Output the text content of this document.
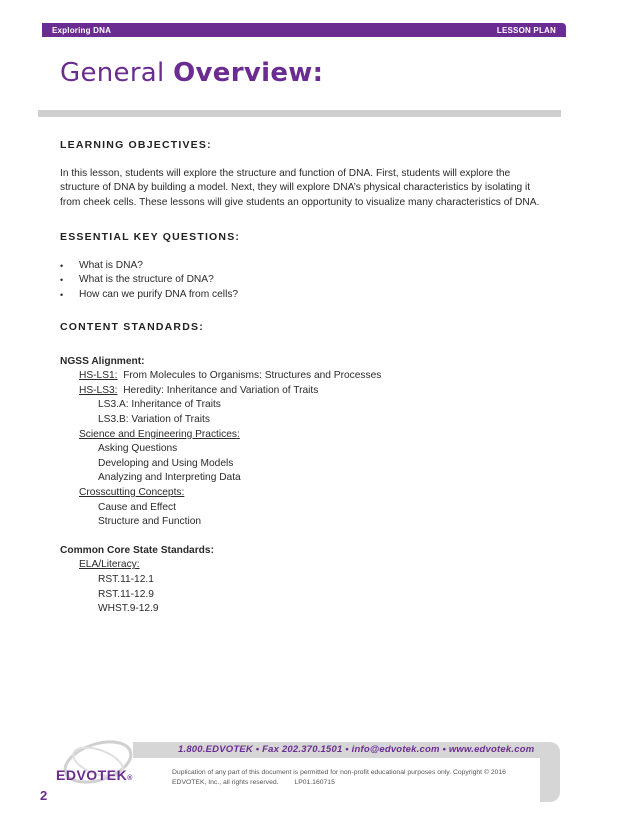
Exploring DNA	LESSON PLAN
General Overview:
LEARNING OBJECTIVES:

In this lesson, students will explore the structure and function of DNA. First, students will explore the structure of DNA by building a model. Next, they will explore DNA’s physical characteristics by isolating it from cheek cells. These lessons will give students an opportunity to visualize many characteristics of DNA.

ESSENTIAL KEY QUESTIONS:
• What is DNA?
• What is the structure of DNA?
• How can we purify DNA from cells?
CONTENT STANDARDS:
NGSS Alignment:
HS-LS1: From Molecules to Organisms: Structures and Processes
HS-LS3: Heredity: Inheritance and Variation of Traits
LS3.A: Inheritance of Traits
LS3.B: Variation of Traits
Science and Engineering Practices:
Asking Questions
Developing and Using Models
Analyzing and Interpreting Data
Crosscutting Concepts:
Cause and Effect
Structure and Function
Common Core State Standards:
ELA/Literacy:
RST.11-12.1
RST.11-12.9
WHST.9-12.9
1.800.EDVOTEK • Fax 202.370.1501 • info@edvotek.com • www.edvotek.com
Duplication of any part of this document is permitted for non-profit educational purposes only. Copyright © 2016 EDVOTEK, Inc., all rights reserved. LP01.160715
EDVOTEK®
2
